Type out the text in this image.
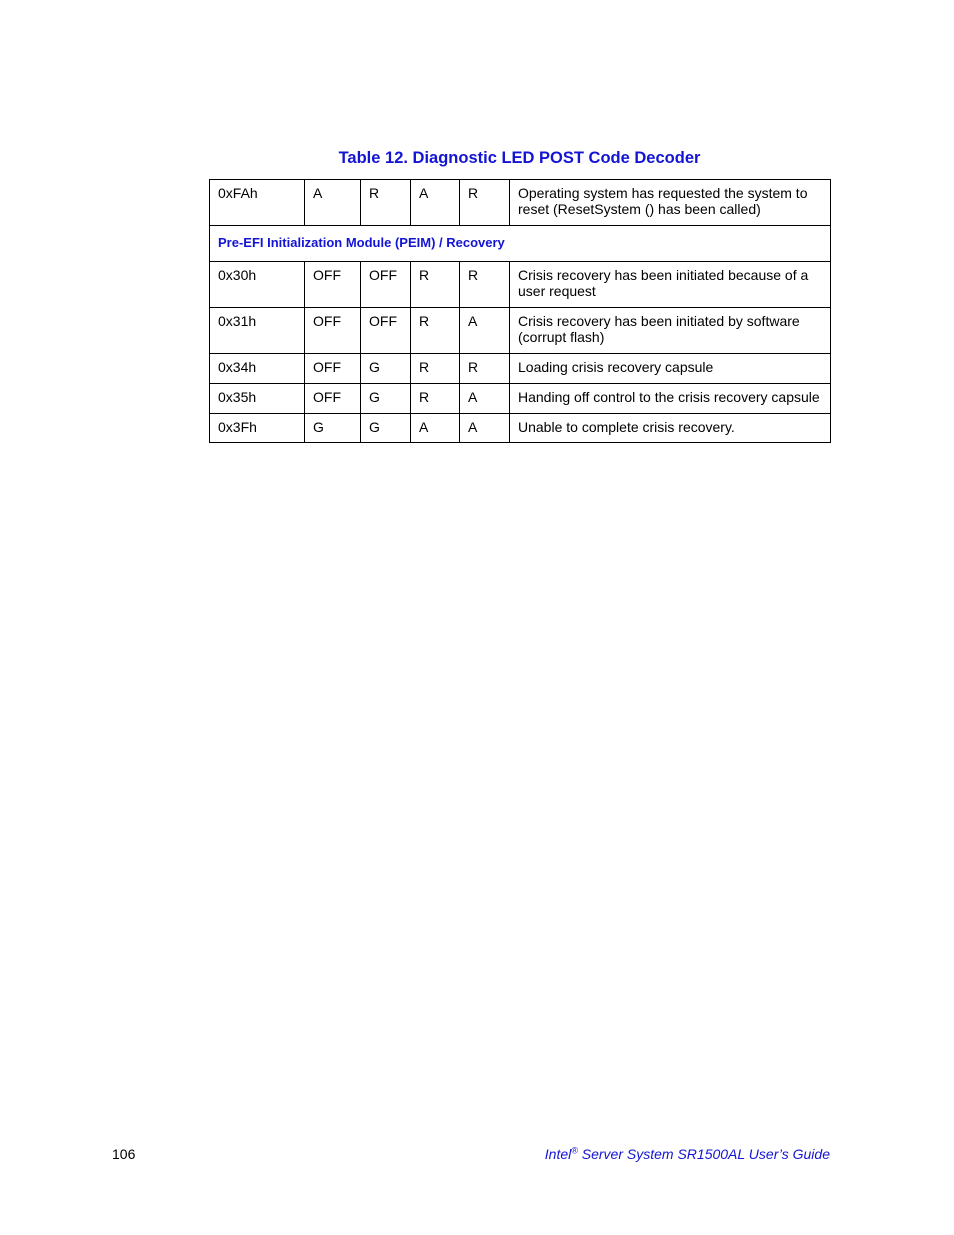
Table 12. Diagnostic LED POST Code Decoder
0xFAh	A	R	A	R	Operating system has requested the system to reset (ResetSystem () has been called)
Pre-EFI Initialization Module (PEIM) / Recovery					
0x30h	OFF	OFF	R	R	Crisis recovery has been initiated because of a user request
0x31h	OFF	OFF	R	A	Crisis recovery has been initiated by software (corrupt flash)
0x34h	OFF	G	R	R	Loading crisis recovery capsule
0x35h	OFF	G	R	A	Handing off control to the crisis recovery capsule
0x3Fh	G	G	A	A	Unable to complete crisis recovery.
106	Intel® Server System SR1500AL User’s Guide
